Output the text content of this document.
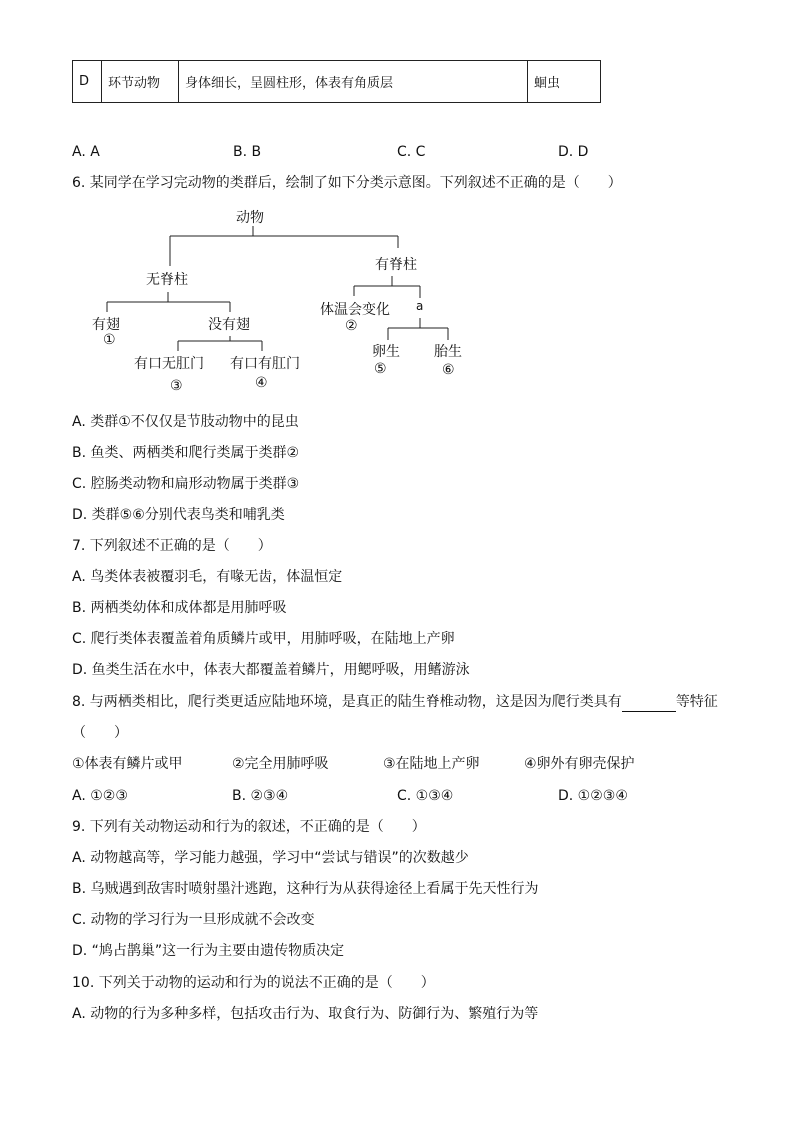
D	环节动物	身体细长，呈圆柱形，体表有角质层	蛔虫
A. A	B. B	C. C	D. D
6. 某同学在学习完动物的类群后，绘制了如下分类示意图。下列叙述不正确的是（　　）
动物
无脊柱
有脊柱
有翅
①
没有翅
体温会变化
②
a
有口无肛门
③
有口有肛门
④
卵生
⑤
胎生
⑥
A. 类群①不仅仅是节肢动物中的昆虫
B. 鱼类、两栖类和爬行类属于类群②
C. 腔肠类动物和扁形动物属于类群③
D. 类群⑤⑥分别代表鸟类和哺乳类
7. 下列叙述不正确的是（　　）
A. 鸟类体表被覆羽毛，有喙无齿，体温恒定
B. 两栖类幼体和成体都是用肺呼吸
C. 爬行类体表覆盖着角质鳞片或甲，用肺呼吸，在陆地上产卵
D. 鱼类生活在水中，体表大都覆盖着鳞片，用鳃呼吸，用鳍游泳
8. 与两栖类相比，爬行类更适应陆地环境，是真正的陆生脊椎动物，这是因为爬行类具有	等特征
（　　）
①体表有鳞片或甲	②完全用肺呼吸	③在陆地上产卵	④卵外有卵壳保护
A. ①②③	B. ②③④	C. ①③④	D. ①②③④
9. 下列有关动物运动和行为的叙述，不正确的是（　　）
A. 动物越高等，学习能力越强，学习中“尝试与错误”的次数越少
B. 乌贼遇到敌害时喷射墨汁逃跑，这种行为从获得途径上看属于先天性行为
C. 动物的学习行为一旦形成就不会改变
D. “鸠占鹊巢”这一行为主要由遗传物质决定
10. 下列关于动物的运动和行为的说法不正确的是（　　）
A. 动物的行为多种多样，包括攻击行为、取食行为、防御行为、繁殖行为等
